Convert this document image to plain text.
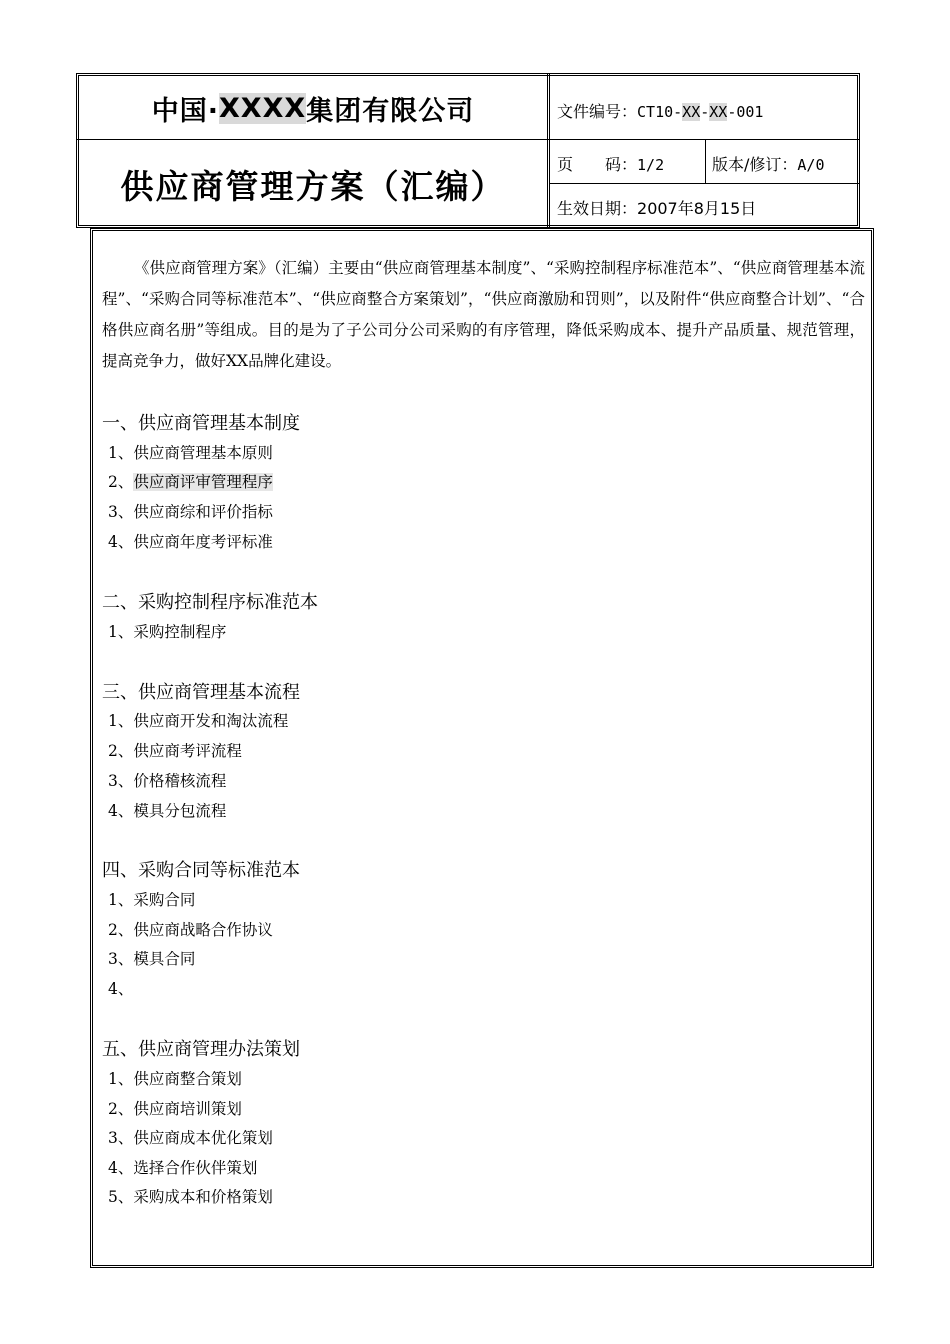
中国· XXXX 集团有限公司
供应商管理方案（汇编）
文件编号：CT10-XX-XX-001
页　　码：1/2	版本/修订：A/0
生效日期：2007年8月15日
《供应商管理方案》（汇编）主要由“供应商管理基本制度”、“采购控制程序标准范本”、“供应商管理基本流程”、“采购合同等标准范本”、“供应商整合方案策划”，“供应商激励和罚则”，以及附件“供应商整合计划”、“合格供应商名册”等组成。目的是为了子公司分公司采购的有序管理，降低采购成本、提升产品质量、规范管理，提高竞争力，做好XX品牌化建设。
一、供应商管理基本制度
1、供应商管理基本原则
2、供应商评审管理程序
3、供应商综和评价指标
4、供应商年度考评标准
二、采购控制程序标准范本
1、采购控制程序
三、供应商管理基本流程
1、供应商开发和淘汰流程
2、供应商考评流程
3、价格稽核流程
4、模具分包流程
四、采购合同等标准范本
1、采购合同
2、供应商战略合作协议
3、模具合同
4、
五、供应商管理办法策划
1、供应商整合策划
2、供应商培训策划
3、供应商成本优化策划
4、选择合作伙伴策划
5、采购成本和价格策划
